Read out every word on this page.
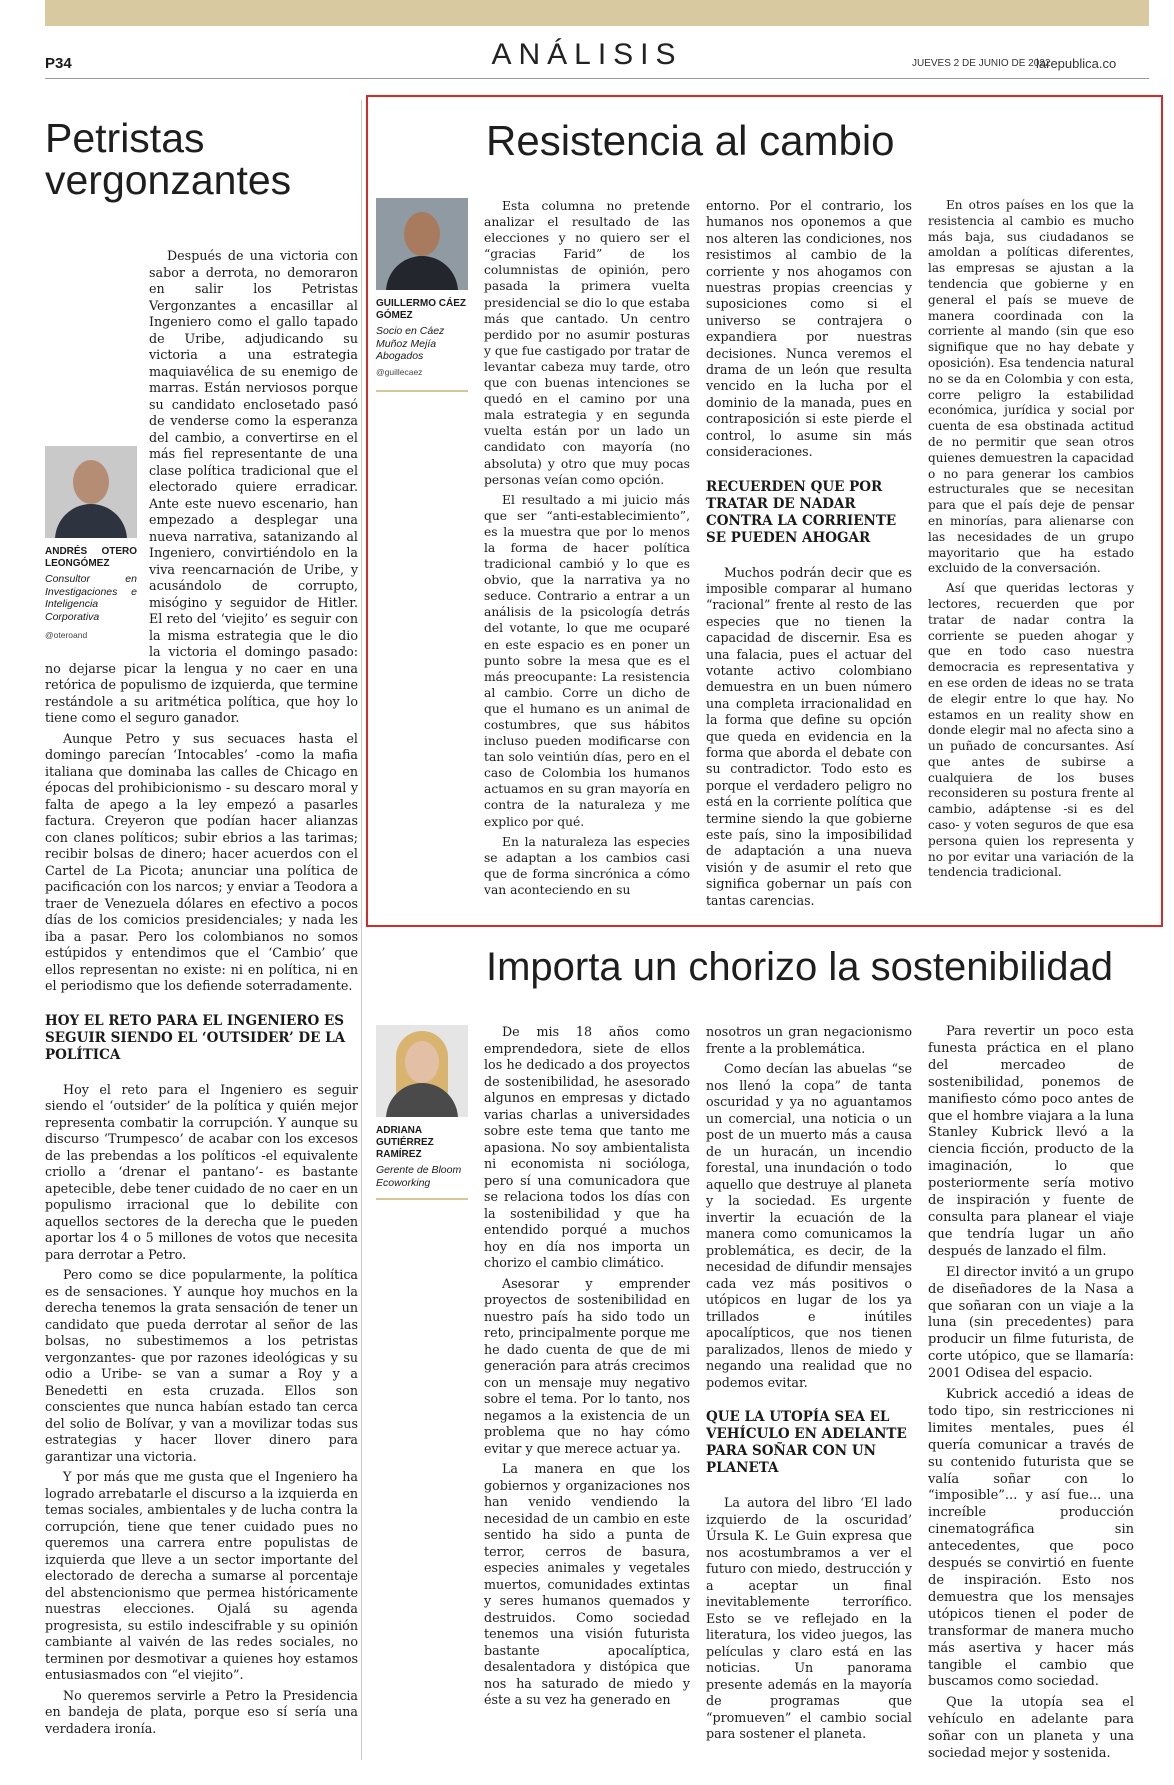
P34	ANÁLISIS	JUEVES 2 DE JUNIO DE 2022
larepublica.co
Petristas vergonzantes
ANDRÉS OTERO LEONGÓMEZ
Consultor en Investigaciones e Inteligencia Corporativa
@oteroand

Después de una victoria con sabor a derrota, no demoraron en salir los Petristas Vergonzantes a encasillar al Ingeniero como el gallo tapado de Uribe, adjudicando su victoria a una estrategia maquiavélica de su enemigo de marras. Están nerviosos porque su candidato enclosetado pasó de venderse como la esperanza del cambio, a convertirse en el más fiel representante de una clase política tradicional que el electorado quiere erradicar. Ante este nuevo escenario, han empezado a desplegar una nueva narrativa, satanizando al Ingeniero, convirtiéndolo en la viva reencarnación de Uribe, y acusándolo de corrupto, misógino y seguidor de Hitler. El reto del ‘viejito’ es seguir con la misma estrategia que le dio la victoria el domingo pasado: no dejarse picar la lengua y no caer en una retórica de populismo de izquierda, que termine restándole a su aritmética política, que hoy lo tiene como el seguro ganador.

Aunque Petro y sus secuaces hasta el domingo parecían ‘Intocables’ -como la mafia italiana que dominaba las calles de Chicago en épocas del prohibicionismo - su descaro moral y falta de apego a la ley empezó a pasarles factura. Creyeron que podían hacer alianzas con clanes políticos; subir ebrios a las tarimas; recibir bolsas de dinero; hacer acuerdos con el Cartel de La Picota; anunciar una política de pacificación con los narcos; y enviar a Teodora a traer de Venezuela dólares en efectivo a pocos días de los comicios presidenciales; y nada les iba a pasar. Pero los colombianos no somos estúpidos y entendimos que el ‘Cambio’ que ellos representan no existe: ni en política, ni en el periodismo que los defiende soterradamente.

HOY EL RETO PARA EL INGENIERO ES SEGUIR SIENDO EL ‘OUTSIDER’ DE LA POLÍTICA

Hoy el reto para el Ingeniero es seguir siendo el ‘outsider’ de la política y quién mejor representa combatir la corrupción. Y aunque su discurso ‘Trumpesco’ de acabar con los excesos de las prebendas a los políticos -el equivalente criollo a ‘drenar el pantano’- es bastante apetecible, debe tener cuidado de no caer en un populismo irracional que lo debilite con aquellos sectores de la derecha que le pueden aportar los 4 o 5 millones de votos que necesita para derrotar a Petro.

Pero como se dice popularmente, la política es de sensaciones. Y aunque hoy muchos en la derecha tenemos la grata sensación de tener un candidato que pueda derrotar al señor de las bolsas, no subestimemos a los petristas vergonzantes- que por razones ideológicas y su odio a Uribe- se van a sumar a Roy y a Benedetti en esta cruzada. Ellos son conscientes que nunca habían estado tan cerca del solio de Bolívar, y van a movilizar todas sus estrategias y hacer llover dinero para garantizar una victoria.

Y por más que me gusta que el Ingeniero ha logrado arrebatarle el discurso a la izquierda en temas sociales, ambientales y de lucha contra la corrupción, tiene que tener cuidado pues no queremos una carrera entre populistas de izquierda que lleve a un sector importante del electorado de derecha a sumarse al porcentaje del abstencionismo que permea históricamente nuestras elecciones. Ojalá su agenda progresista, su estilo indescifrable y su opinión cambiante al vaivén de las redes sociales, no terminen por desmotivar a quienes hoy estamos entusiasmados con “el viejito”.

No queremos servirle a Petro la Presidencia en bandeja de plata, porque eso sí sería una verdadera ironía.

Resistencia al cambio
GUILLERMO CÁEZ GÓMEZ
Socio en Cáez Muñoz Mejía Abogados
@guillecaez

Esta columna no pretende analizar el resultado de las elecciones y no quiero ser el “gracias Farid” de los columnistas de opinión, pero pasada la primera vuelta presidencial se dio lo que estaba más que cantado. Un centro perdido por no asumir posturas y que fue castigado por tratar de levantar cabeza muy tarde, otro que con buenas intenciones se quedó en el camino por una mala estrategia y en segunda vuelta están por un lado un candidato con mayoría (no absoluta) y otro que muy pocas personas veían como opción.

El resultado a mi juicio más que ser “anti-establecimiento”, es la muestra que por lo menos la forma de hacer política tradicional cambió y lo que es obvio, que la narrativa ya no seduce. Contrario a entrar a un análisis de la psicología detrás del votante, lo que me ocuparé en este espacio es en poner un punto sobre la mesa que es el más preocupante: La resistencia al cambio. Corre un dicho de que el humano es un animal de costumbres, que sus hábitos incluso pueden modificarse con tan solo veintiún días, pero en el caso de Colombia los humanos actuamos en su gran mayoría en contra de la naturaleza y me explico por qué.

En la naturaleza las especies se adaptan a los cambios casi que de forma sincrónica a cómo van aconteciendo en su

entorno. Por el contrario, los humanos nos oponemos a que nos alteren las condiciones, nos resistimos al cambio de la corriente y nos ahogamos con nuestras propias creencias y suposiciones como si el universo se contrajera o expandiera por nuestras decisiones. Nunca veremos el drama de un león que resulta vencido en la lucha por el dominio de la manada, pues en contraposición si este pierde el control, lo asume sin más consideraciones.

RECUERDEN QUE POR TRATAR DE NADAR CONTRA LA CORRIENTE SE PUEDEN AHOGAR

Muchos podrán decir que es imposible comparar al humano “racional” frente al resto de las especies que no tienen la capacidad de discernir. Esa es una falacia, pues el actuar del votante activo colombiano demuestra en un buen número una completa irracionalidad en la forma que define su opción que queda en evidencia en la forma que aborda el debate con su contradictor. Todo esto es porque el verdadero peligro no está en la corriente política que termine siendo la que gobierne este país, sino la imposibilidad de adaptación a una nueva visión y de asumir el reto que significa gobernar un país con tantas carencias.

En otros países en los que la resistencia al cambio es mucho más baja, sus ciudadanos se amoldan a políticas diferentes, las empresas se ajustan a la tendencia que gobierne y en general el país se mueve de manera coordinada con la corriente al mando (sin que eso signifique que no hay debate y oposición). Esa tendencia natural no se da en Colombia y con esta, corre peligro la estabilidad económica, jurídica y social por cuenta de esa obstinada actitud de no permitir que sean otros quienes demuestren la capacidad o no para generar los cambios estructurales que se necesitan para que el país deje de pensar en minorías, para alienarse con las necesidades de un grupo mayoritario que ha estado excluido de la conversación.

Así que queridas lectoras y lectores, recuerden que por tratar de nadar contra la corriente se pueden ahogar y que en todo caso nuestra democracia es representativa y en ese orden de ideas no se trata de elegir entre lo que hay. No estamos en un reality show en donde elegir mal no afecta sino a un puñado de concursantes. Así que antes de subirse a cualquiera de los buses reconsideren su postura frente al cambio, adáptense -si es del caso- y voten seguros de que esa persona quien los representa y no por evitar una variación de la tendencia tradicional.

Importa un chorizo la sostenibilidad
ADRIANA GUTIÉRREZ RAMÍREZ
Gerente de Bloom Ecoworking

De mis 18 años como emprendedora, siete de ellos los he dedicado a dos proyectos de sostenibilidad, he asesorado algunos en empresas y dictado varias charlas a universidades sobre este tema que tanto me apasiona. No soy ambientalista ni economista ni socióloga, pero sí una comunicadora que se relaciona todos los días con la sostenibilidad y que ha entendido porqué a muchos hoy en día nos importa un chorizo el cambio climático.

Asesorar y emprender proyectos de sostenibilidad en nuestro país ha sido todo un reto, principalmente porque me he dado cuenta de que de mi generación para atrás crecimos con un mensaje muy negativo sobre el tema. Por lo tanto, nos negamos a la existencia de un problema que no hay cómo evitar y que merece actuar ya.

La manera en que los gobiernos y organizaciones nos han venido vendiendo la necesidad de un cambio en este sentido ha sido a punta de terror, cerros de basura, especies animales y vegetales muertos, comunidades extintas y seres humanos quemados y destruidos. Como sociedad tenemos una visión futurista bastante apocalíptica, desalentadora y distópica que nos ha saturado de miedo y éste a su vez ha generado en

nosotros un gran negacionismo frente a la problemática.

Como decían las abuelas “se nos llenó la copa” de tanta oscuridad y ya no aguantamos un comercial, una noticia o un post de un muerto más a causa de un huracán, un incendio forestal, una inundación o todo aquello que destruye al planeta y la sociedad. Es urgente invertir la ecuación de la manera como comunicamos la problemática, es decir, de la necesidad de difundir mensajes cada vez más positivos o utópicos en lugar de los ya trillados e inútiles apocalípticos, que nos tienen paralizados, llenos de miedo y negando una realidad que no podemos evitar.

QUE LA UTOPÍA SEA EL VEHÍCULO EN ADELANTE PARA SOÑAR CON UN PLANETA

La autora del libro ‘El lado izquierdo de la oscuridad’ Úrsula K. Le Guin expresa que nos acostumbramos a ver el futuro con miedo, destrucción y a aceptar un final inevitablemente terrorífico. Esto se ve reflejado en la literatura, los video juegos, las películas y claro está en las noticias. Un panorama presente además en la mayoría de programas que “promueven” el cambio social para sostener el planeta.

Para revertir un poco esta funesta práctica en el plano del mercadeo de sostenibilidad, ponemos de manifiesto cómo poco antes de que el hombre viajara a la luna Stanley Kubrick llevó a la ciencia ficción, producto de la imaginación, lo que posteriormente sería motivo de inspiración y fuente de consulta para planear el viaje que tendría lugar un año después de lanzado el film.

El director invitó a un grupo de diseñadores de la Nasa a que soñaran con un viaje a la luna (sin precedentes) para producir un filme futurista, de corte utópico, que se llamaría: 2001 Odisea del espacio.

Kubrick accedió a ideas de todo tipo, sin restricciones ni limites mentales, pues él quería comunicar a través de su contenido futurista que se valía soñar con lo “imposible”... y así fue... una increíble producción cinematográfica sin antecedentes, que poco después se convirtió en fuente de inspiración. Esto nos demuestra que los mensajes utópicos tienen el poder de transformar de manera mucho más asertiva y hacer más tangible el cambio que buscamos como sociedad.

Que la utopía sea el vehículo en adelante para soñar con un planeta y una sociedad mejor y sostenida.
